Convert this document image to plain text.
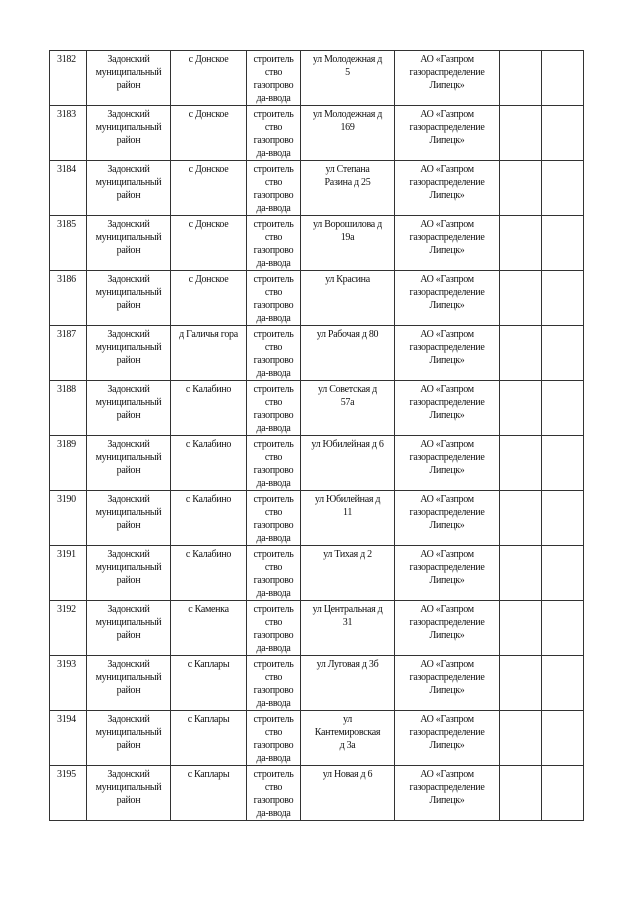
3182	Задонский
муниципальный
район	с Донское	строитель
ство
газопрово
да-ввода	ул Молодежная д
5	АО «Газпром
газораспределение
Липецк»		

3183	Задонский
муниципальный
район	с Донское	строитель
ство
газопрово
да-ввода	ул Молодежная д
169	АО «Газпром
газораспределение
Липецк»		

3184	Задонский
муниципальный
район	с Донское	строитель
ство
газопрово
да-ввода	ул Степана
Разина д 25	АО «Газпром
газораспределение
Липецк»		

3185	Задонский
муниципальный
район	с Донское	строитель
ство
газопрово
да-ввода	ул Ворошилова д
19а	АО «Газпром
газораспределение
Липецк»		

3186	Задонский
муниципальный
район	с Донское	строитель
ство
газопрово
да-ввода	ул Красина	АО «Газпром
газораспределение
Липецк»		

3187	Задонский
муниципальный
район	д Галичья гора	строитель
ство
газопрово
да-ввода	ул Рабочая д 80	АО «Газпром
газораспределение
Липецк»		

3188	Задонский
муниципальный
район	с Калабино	строитель
ство
газопрово
да-ввода	ул Советская д
57а	АО «Газпром
газораспределение
Липецк»		

3189	Задонский
муниципальный
район	с Калабино	строитель
ство
газопрово
да-ввода	ул Юбилейная д 6	АО «Газпром
газораспределение
Липецк»		

3190	Задонский
муниципальный
район	с Калабино	строитель
ство
газопрово
да-ввода	ул Юбилейная д
11	АО «Газпром
газораспределение
Липецк»		

3191	Задонский
муниципальный
район	с Калабино	строитель
ство
газопрово
да-ввода	ул Тихая д 2	АО «Газпром
газораспределение
Липецк»		

3192	Задонский
муниципальный
район	с Каменка	строитель
ство
газопрово
да-ввода	ул Центральная д
31	АО «Газпром
газораспределение
Липецк»		

3193	Задонский
муниципальный
район	с Каплары	строитель
ство
газопрово
да-ввода	ул Луговая д 3б	АО «Газпром
газораспределение
Липецк»		

3194	Задонский
муниципальный
район	с Каплары	строитель
ство
газопрово
да-ввода	ул
Кантемировская
д 3а	АО «Газпром
газораспределение
Липецк»		

3195	Задонский
муниципальный
район	с Каплары	строитель
ство
газопрово
да-ввода	ул Новая д 6	АО «Газпром
газораспределение
Липецк»		
